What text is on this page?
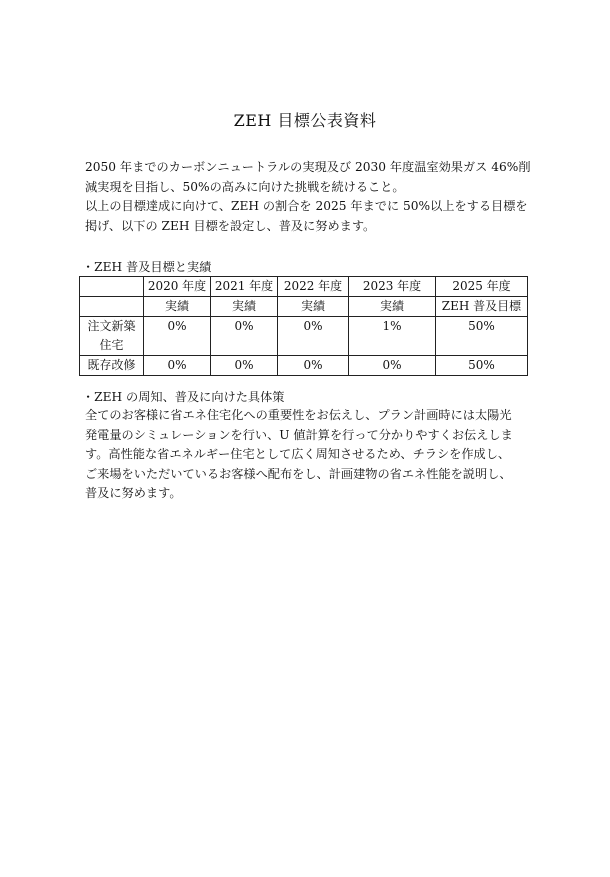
ZEH 目標公表資料

2050 年までのカーボンニュートラルの実現及び 2030 年度温室効果ガス 46%削
減実現を目指し、50%の高みに向けた挑戦を続けること。
以上の目標達成に向けて、ZEH の割合を 2025 年までに 50%以上をする目標を
掲げ、以下の ZEH 目標を設定し、普及に努めます。

・ZEH 普及目標と実績
	2020 年度	2021 年度	2022 年度	2023 年度	2025 年度
	実績	実績	実績	実績	ZEH 普及目標

注文新築
住宅	0%	0%	0%	1%	50%
既存改修	0%	0%	0%	0%	50%
・ZEH の周知、普及に向けた具体策

全てのお客様に省エネ住宅化への重要性をお伝えし、プラン計画時には太陽光
発電量のシミュレーションを行い、U 値計算を行って分かりやすくお伝えしま
す。高性能な省エネルギー住宅として広く周知させるため、チラシを作成し、
ご来場をいただいているお客様へ配布をし、計画建物の省エネ性能を説明し、
普及に努めます。
